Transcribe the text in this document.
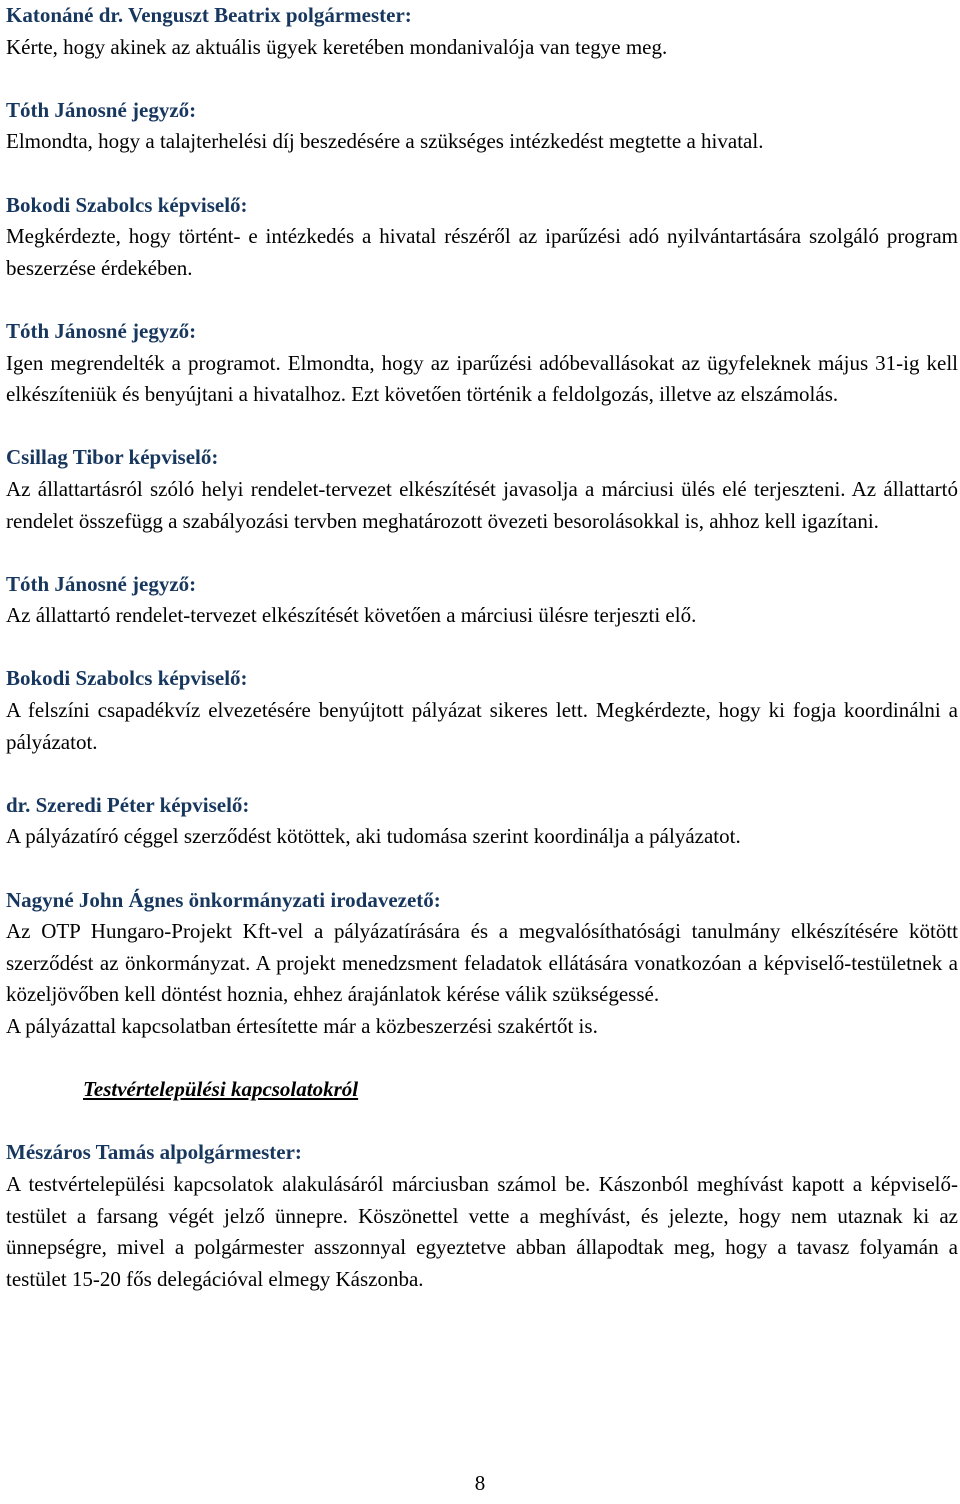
Katonáné dr. Venguszt Beatrix polgármester:
Kérte, hogy akinek az aktuális ügyek keretében mondanivalója van tegye meg.
Tóth Jánosné jegyző:
Elmondta, hogy a talajterhelési díj beszedésére a szükséges intézkedést megtette a hivatal.
Bokodi Szabolcs képviselő:
Megkérdezte, hogy történt- e intézkedés a hivatal részéről az iparűzési adó nyilvántartására szolgáló program beszerzése érdekében.
Tóth Jánosné jegyző:
Igen megrendelték a programot. Elmondta, hogy az iparűzési adóbevallásokat az ügyfeleknek május 31-ig kell elkészíteniük és benyújtani a hivatalhoz. Ezt követően történik a feldolgozás, illetve az elszámolás.
Csillag Tibor képviselő:
Az állattartásról szóló helyi rendelet-tervezet elkészítését javasolja a márciusi ülés elé terjeszteni. Az állattartó rendelet összefügg a szabályozási tervben meghatározott övezeti besorolásokkal is, ahhoz kell igazítani.
Tóth Jánosné jegyző:
Az állattartó rendelet-tervezet elkészítését követően a márciusi ülésre terjeszti elő.
Bokodi Szabolcs képviselő:
A felszíni csapadékvíz elvezetésére benyújtott pályázat sikeres lett. Megkérdezte, hogy ki fogja koordinálni a pályázatot.
dr. Szeredi Péter képviselő:
A pályázatíró céggel szerződést kötöttek, aki tudomása szerint koordinálja a pályázatot.
Nagyné John Ágnes önkormányzati irodavezető:
Az OTP Hungaro-Projekt Kft-vel a pályázatírására és a megvalósíthatósági tanulmány elkészítésére kötött szerződést az önkormányzat. A projekt menedzsment feladatok ellátására vonatkozóan a képviselő-testületnek a közeljövőben kell döntést hoznia, ehhez árajánlatok kérése válik szükségessé.
A pályázattal kapcsolatban értesítette már a közbeszerzési szakértőt is.
Testvértelepülési kapcsolatokról
Mészáros Tamás alpolgármester:
A testvértelepülési kapcsolatok alakulásáról márciusban számol be. Kászonból meghívást kapott a képviselő-testület a farsang végét jelző ünnepre. Köszönettel vette a meghívást, és jelezte, hogy nem utaznak ki az ünnepségre, mivel a polgármester asszonnyal egyeztetve abban állapodtak meg, hogy a tavasz folyamán a testület 15-20 fős delegációval elmegy Kászonba.
8
